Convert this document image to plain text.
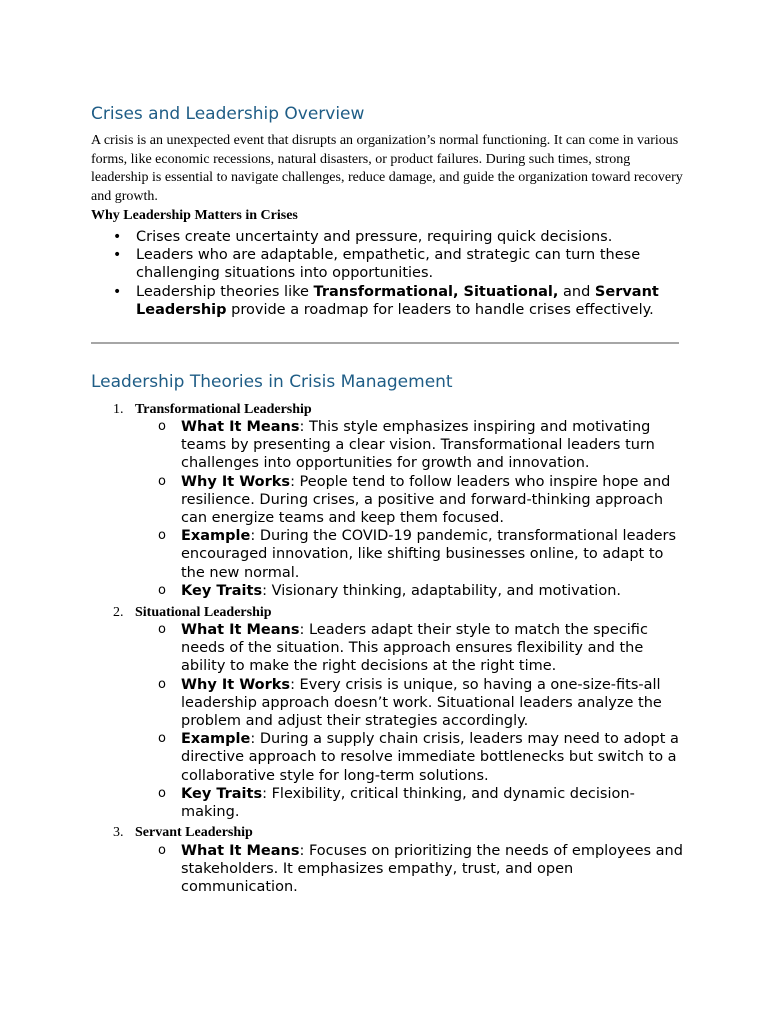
Crises and Leadership Overview

A crisis is an unexpected event that disrupts an organization’s normal functioning. It can come in various forms, like economic recessions, natural disasters, or product failures. During such times, strong leadership is essential to navigate challenges, reduce damage, and guide the organization toward recovery and growth.

Why Leadership Matters in Crises

• Crises create uncertainty and pressure, requiring quick decisions.
• Leaders who are adaptable, empathetic, and strategic can turn these challenging situations into opportunities.
• Leadership theories like Transformational, Situational, and Servant Leadership provide a roadmap for leaders to handle crises effectively.
Leadership Theories in Crisis Management

1. Transformational Leadership

o What It Means: This style emphasizes inspiring and motivating teams by presenting a clear vision. Transformational leaders turn challenges into opportunities for growth and innovation.
o Why It Works: People tend to follow leaders who inspire hope and resilience. During crises, a positive and forward-thinking approach can energize teams and keep them focused.
o Example: During the COVID-19 pandemic, transformational leaders encouraged innovation, like shifting businesses online, to adapt to the new normal.
o Key Traits: Visionary thinking, adaptability, and motivation.

2. Situational Leadership

o What It Means: Leaders adapt their style to match the specific needs of the situation. This approach ensures flexibility and the ability to make the right decisions at the right time.
o Why It Works: Every crisis is unique, so having a one-size-fits-all leadership approach doesn’t work. Situational leaders analyze the problem and adjust their strategies accordingly.
o Example: During a supply chain crisis, leaders may need to adopt a directive approach to resolve immediate bottlenecks but switch to a collaborative style for long-term solutions.
o Key Traits: Flexibility, critical thinking, and dynamic decision-making.

3. Servant Leadership

o What It Means: Focuses on prioritizing the needs of employees and stakeholders. It emphasizes empathy, trust, and open communication.
